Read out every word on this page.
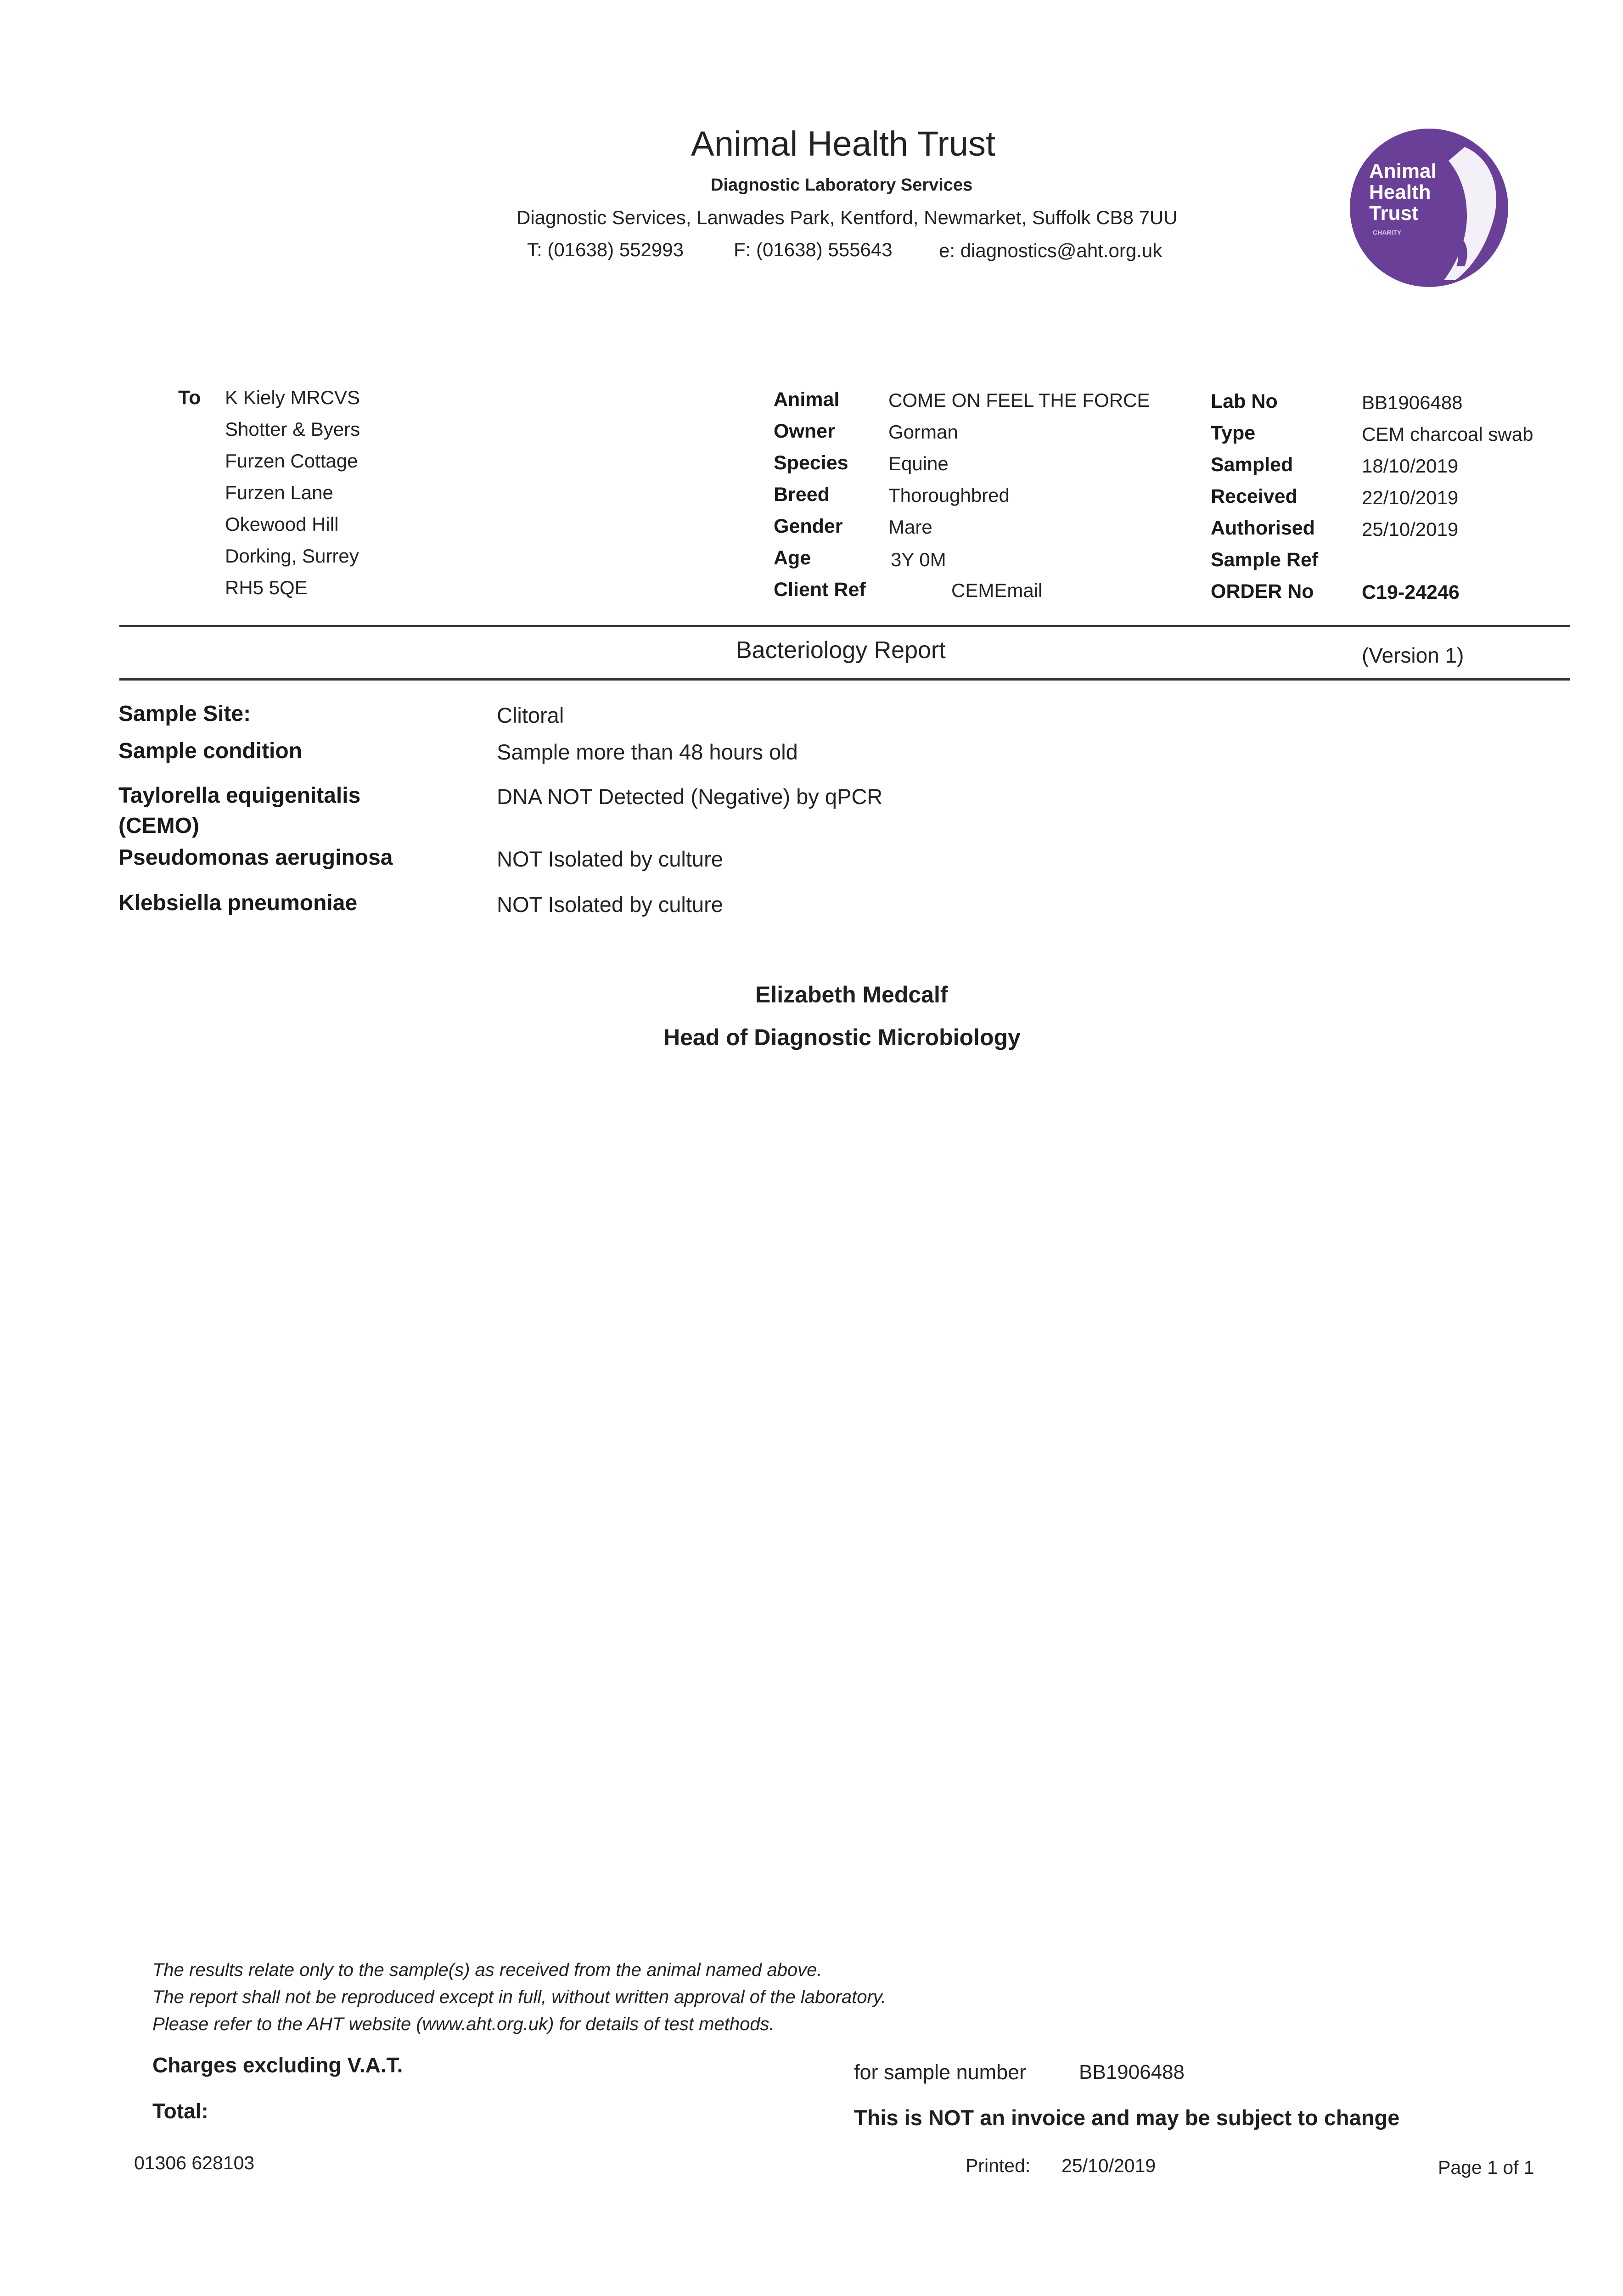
Animal Health Trust
Diagnostic Laboratory Services
Diagnostic Services, Lanwades Park, Kentford, Newmarket, Suffolk CB8 7UU
T: (01638) 552993	F: (01638) 555643 e: diagnostics@aht.org.uk
Animal
Health
Trust
CHARITY
To K Kiely MRCVS
Shotter & Byers
Furzen Cottage
Furzen Lane
Okewood Hill
Dorking, Surrey
RH5 5QE
Animal	COME ON FEEL THE FORCE
Owner	Gorman
Species Equine
Breed	Thoroughbred
Gender Mare
Age	3Y 0M
Client Ref	CEMEmail
Lab No	BB1906488
Type	CEM charcoal swab
Sampled	18/10/2019
Received	22/10/2019
Authorised 25/10/2019
Sample Ref
ORDER No C19-24246
Bacteriology Report	(Version 1)
Sample Site:	Clitoral
Sample condition	Sample more than 48 hours old
Taylorella equigenitalis
(CEMO)
DNA NOT Detected (Negative) by qPCR
Pseudomonas aeruginosa	NOT Isolated by culture
Klebsiella pneumoniae	NOT Isolated by culture
Elizabeth Medcalf
Head of Diagnostic Microbiology
The results relate only to the sample(s) as received from the animal named above.
The report shall not be reproduced except in full, without written approval of the laboratory.
Please refer to the AHT website (www.aht.org.uk) for details of test methods.
Charges excluding V.A.T.
Total:
for sample number	BB1906488
This is NOT an invoice and may be subject to change
01306 628103	Printed: 25/10/2019	Page 1 of 1
